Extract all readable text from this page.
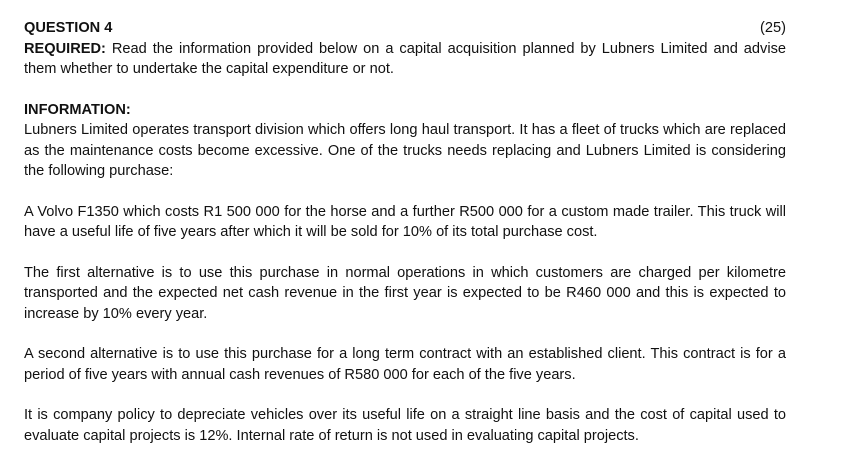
QUESTION 4	(25)

REQUIRED: Read the information provided below on a capital acquisition planned by Lubners Limited and advise them whether to undertake the capital expenditure or not.

INFORMATION:

Lubners Limited operates transport division which offers long haul transport. It has a fleet of trucks which are replaced as the maintenance costs become excessive. One of the trucks needs replacing and Lubners Limited is considering the following purchase:

A Volvo F1350 which costs R1 500 000 for the horse and a further R500 000 for a custom made trailer. This truck will have a useful life of five years after which it will be sold for 10% of its total purchase cost.

The first alternative is to use this purchase in normal operations in which customers are charged per kilometre transported and the expected net cash revenue in the first year is expected to be R460 000 and this is expected to increase by 10% every year.

A second alternative is to use this purchase for a long term contract with an established client. This contract is for a period of five years with annual cash revenues of R580 000 for each of the five years.

It is company policy to depreciate vehicles over its useful life on a straight line basis and the cost of capital used to evaluate capital projects is 12%. Internal rate of return is not used in evaluating capital projects.
